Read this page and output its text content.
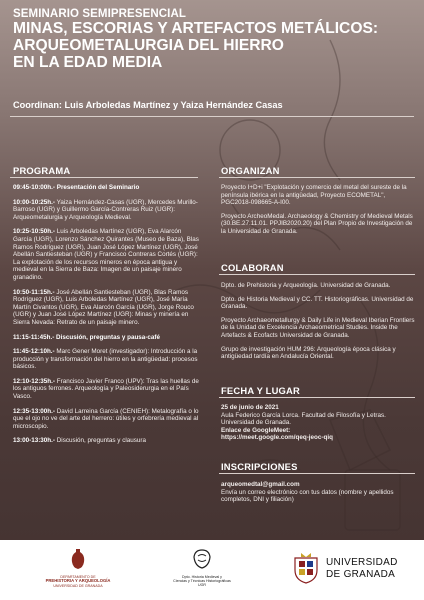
SEMINARIO SEMIPRESENCIAL
MINAS, ESCORIAS Y ARTEFACTOS METÁLICOS:
ARQUEOMETALURGIA DEL HIERRO
EN LA EDAD MEDIA
Coordinan: Luis Arboledas Martínez y Yaiza Hernández Casas
PROGRAMA
09:45-10:00h.- Presentación del Seminario
10:00-10:25h.- Yaiza Hernández-Casas (UGR), Mercedes Murillo-Barroso (UGR) y Guillermo García-Contreras Ruiz (UGR): Arqueometalurgia y Arqueología Medieval.
10:25-10:50h.- Luis Arboledas Martínez (UGR), Eva Alarcón García (UGR), Lorenzo Sánchez Quirantes (Museo de Baza), Blas Ramos Rodríguez (UGR), Juan José López Martínez (UGR), José Abellán Santiesteban (UGR) y Francisco Contreras Cortés (UGR): La explotación de los recursos mineros en época antigua y medieval en la Sierra de Baza: Imagen de un paisaje minero granadino.
10:50-11:15h.- José Abellán Santiesteban (UGR), Blas Ramos Rodríguez (UGR), Luis Arboledas Martínez (UGR), José María Martín Civantos (UGR), Eva Alarcón García (UGR), Jorge Rouco (UGR) y Juan José López Martínez (UGR): Minas y minería en Sierra Nevada: Retrato de un paisaje minero.
11:15-11:45h.- Discusión, preguntas y pausa-café
11:45-12:10h.- Marc Gener Moret (investigador): Introducción a la producción y transformación del hierro en la antigüedad: procesos básicos.
12:10-12:35h.- Francisco Javier Franco (UPV): Tras las huellas de los antiguos ferrones. Arqueología y Paleosiderurgia en el País Vasco.
12:35-13:00h.- David Larreina García (CENIEH): Metalografía o lo que el ojo no ve del arte del herrero: útiles y orfebrería medieval al microscopio.
13:00-13:30h.- Discusión, preguntas y clausura
ORGANIZAN
Proyecto I+D+i "Explotación y comercio del metal del sureste de la península ibérica en la antigüedad, Proyecto ECOMETAL", PGC2018-098665-A-I00.
Proyecto ArcheoMedal. Archaeology & Chemistry of Medieval Metals (30.BE.27.11.01. PPJIB2020.20) del Plan Propio de Investigación de la Universidad de Granada.
COLABORAN
Dpto. de Prehistoria y Arqueología. Universidad de Granada.
Dpto. de Historia Medieval y CC. TT. Historiográficas. Universidad de Granada.
Proyecto Archaeometallurgy & Daily Life in Medieval Iberian Frontiers de la Unidad de Excelencia Archaeometrical Studies. Inside the Artefacts & Ecofacts Universidad de Granada.
Grupo de investigación HUM 296: Arqueología época clásica y antigüedad tardía en Andalucía Oriental.
FECHA Y LUGAR
25 de junio de 2021
Aula Federico García Lorca. Facultad de Filosofía y Letras. Universidad de Granada.
Enlace de GoogleMeet:
https://meet.google.com/qeq-jeoc-qiq
INSCRIPCIONES
arqueomedtal@gmail.com
Envía un correo electrónico con tus datos (nombre y apellidos completos, DNI y filiación)
DEPARTAMENTO DE
PREHISTORIA Y ARQUEOLOGÍA
UNIVERSIDAD DE GRANADA
Dpto. Historia Medieval y
Ciencias y Técnicas Historiográficas
UGR
UNIVERSIDAD
DE GRANADA
